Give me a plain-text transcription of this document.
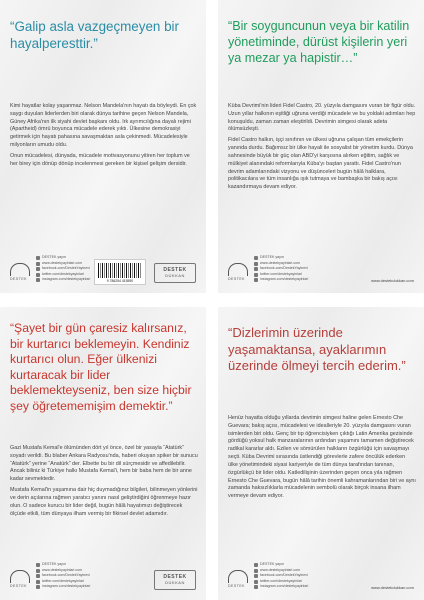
“Galip asla vazgeçmeyen bir hayalperesttir.”

Kimi hayatlar kolay yaşanmaz. Nelson Mandela'nın hayatı da böyleydi. En çok saygı duyulan liderlerden biri olarak dünya tarihine geçen Nelson Mandela, Güney Afrika'nın ilk siyahi devlet başkanı oldu. Irk ayrımcılığına dayalı rejimi (Apartheid) ömrü boyunca mücadele ederek yıktı. Ülkesine demokrasiyi getirmek için hayatı pahasına savaşmaktan asla çekinmedi. Mücadelesiyle milyonların umudu oldu.

Onun mücadelesi, dünyada, mücadele motivasyonunu yitiren her toplum ve her birey için dönüp dönüp incelenmesi gereken bir kişisel gelişim dersidir.

DESTEK
DESTEK yayın
www.destekyayinlari.com
facebook.com/DestekYayinevi
twitter.com/destekyayinlari
instagram.com/destekyayinlari	9 786254 415590
DESTEK
DÜKKAN
“Bir soyguncunun veya bir katilin yönetiminde, dürüst kişilerin yeri ya mezar ya hapistir…”

Küba Devrimi'nin lideri Fidel Castro, 20. yüzyıla damgasını vuran bir figür oldu. Uzun yıllar halkının eşitliği uğruna verdiği mücadele ve bu yoldaki adımları hep konuşuldu, zaman zaman eleştirildi. Devrimin simgesi olarak adeta ölümsüzleşti.

Fidel Castro halkın, işçi sınıfının ve ülkesi uğruna çalışan tüm emekçilerin yanında durdu. Bağımsız bir ülke hayali ile sosyalist bir yönetim kurdu. Dünya sahnesinde büyük bir güç olan ABD'yi karşısına alırken eğitim, sağlık ve mülkiyet alanındaki reformlarıyla Küba'yı baştan yarattı. Fidel Castro'nun devrim adamlarındaki vizyonu ve düşünceleri bugün hâlâ halklara, politikacılara ve tüm insanlığa ışık tutmaya ve bambaşka bir bakış açısı kazandırmaya devam ediyor.

DESTEK
DESTEK yayın
www.destekyayinlari.com
facebook.com/DestekYayinevi
twitter.com/destekyayinlari
instagram.com/destekyayinlari	www.destekdukkan.com
“Şayet bir gün çaresiz kalırsanız, bir kurtarıcı beklemeyin. Kendiniz kurtarıcı olun. Eğer ülkenizi kurtaracak bir lider beklemekteyseniz, ben size hiçbir şey öğretememişim demektir.”

Gazi Mustafa Kemal'e ölümünden dört yıl önce, özel bir yasayla “Atatürk” soyadı verildi. Bu blaber Ankara Radyosu'nda, haberi okuyan spiker bir sunucu “Atatürk” yerine “Anatürk” der. Elbette bu bir dil sürçmesidir ve affedilebilir. Ancak biliniz ki Türkiye halkı Mustafa Kemal'i, hem bir baba hem de bir anne kadar sevmektedir.

Mustafa Kemal'in yaşamına dair hiç duymadığınız bilgileri, bilinmeyen yönlerini ve derin açılarına rağmen yaratıcı yanını nasıl geliştirdiğini öğrenmeye hazır olun. O sadece kurucu bir lider değil, bugün hâlâ hayatımızı değiştirecek ölçüde etkili, tüm dünyaya ilham vermiş bir fikirsel devlet adamıdır.

DESTEK
DESTEK yayın
www.destekyayinlari.com
facebook.com/DestekYayinevi
twitter.com/destekyayinlari
instagram.com/destekyayinlari
DESTEK
DÜKKAN
“Dizlerimin üzerinde yaşamaktansa, ayaklarımın üzerinde ölmeyi tercih ederim.”

Henüz hayatta olduğu yıllarda devrimin simgesi haline gelen Ernesto Che Guevara; bakış açısı, mücadelesi ve idealleriyle 20. yüzyıla damgasını vuran isimlerden biri oldu. Genç bir tıp öğrencisiyken çıktığı Latin Amerika gezisinde gördüğü yoksul halk manzaralarının ardından yaşamını tamamen değiştirecek radikal kararlar aldı. Ezilen ve sömürülen halkların özgürlüğü için savaşmayı seçti. Küba Devrimi sırasında üstlendiği görevlerle zafere öncülük ederken ülke yönetimindeki siyasi kariyeriyle de tüm dünya tarafından tanınan, özgürlükçü bir lider oldu. Katledilişinin üzerinden geçen onca yıla rağmen Ernesto Che Guevara, bugün hâlâ tarihin önemli kahramanlarından biri ve aynı zamanda haksızlıklarla mücadelenin sembolü olarak birçok insana ilham vermeye devam ediyor.

DESTEK
DESTEK yayın
www.destekyayinlari.com
facebook.com/DestekYayinevi
twitter.com/destekyayinlari
instagram.com/destekyayinlari	www.destekdukkan.com
